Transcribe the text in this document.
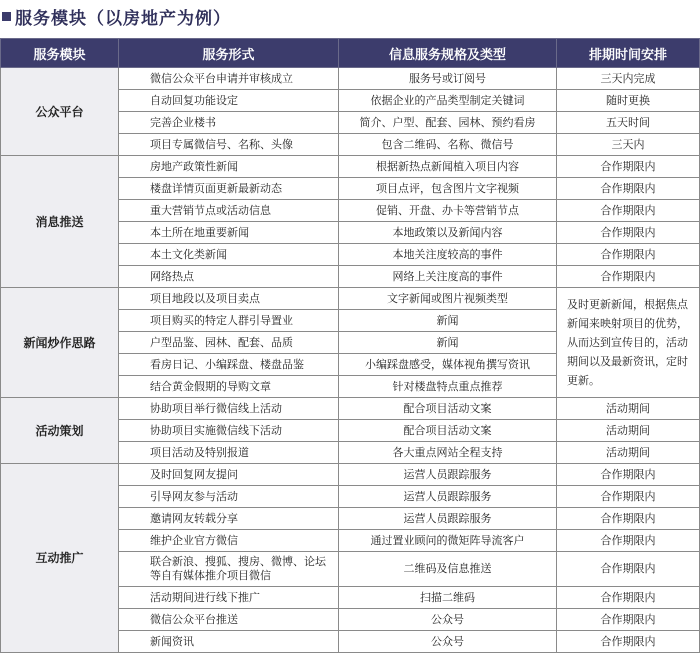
服务模块（以房地产为例）
服务模块	服务形式	信息服务规格及类型	排期时间安排
公众平台	微信公众平台申请并审核成立	服务号或订阅号	三天内完成
	自动回复功能设定	依据企业的产品类型制定关键词	随时更换
	完善企业楼书	简介、户型、配套、园林、预约看房	五天时间
	项目专属微信号、名称、头像	包含二维码、名称、微信号	三天内
消息推送	房地产政策性新闻	根据新热点新闻植入项目内容	合作期限内
	楼盘详情页面更新最新动态	项目点评，包含图片文字视频	合作期限内
	重大营销节点或活动信息	促销、开盘、办卡等营销节点	合作期限内
	本土所在地重要新闻	本地政策以及新闻内容	合作期限内
	本土文化类新闻	本地关注度较高的事件	合作期限内
	网络热点	网络上关注度高的事件	合作期限内
新闻炒作思路	项目地段以及项目卖点	文字新闻或图片视频类型	及时更新新闻，根据焦点新闻来映射项目的优势，从而达到宣传目的，活动期间以及最新资讯，定时更新。
	项目购买的特定人群引导置业	新闻	
	户型品鉴、园林、配套、品质	新闻	
	看房日记、小编踩盘、楼盘品鉴	小编踩盘感受，媒体视角撰写资讯	
	结合黄金假期的导购文章	针对楼盘特点重点推荐	
活动策划	协助项目举行微信线上活动	配合项目活动文案	活动期间
	协助项目实施微信线下活动	配合项目活动文案	活动期间
	项目活动及特别报道	各大重点网站全程支持	活动期间
互动推广	及时回复网友提问	运营人员跟踪服务	合作期限内
	引导网友参与活动	运营人员跟踪服务	合作期限内
	邀请网友转载分享	运营人员跟踪服务	合作期限内
	维护企业官方微信	通过置业顾问的微矩阵导流客户	合作期限内
	联合新浪、搜狐、搜房、微博、论坛等自有媒体推介项目微信	二维码及信息推送	合作期限内
	活动期间进行线下推广	扫描二维码	合作期限内
	微信公众平台推送	公众号	合作期限内
	新闻资讯	公众号	合作期限内
